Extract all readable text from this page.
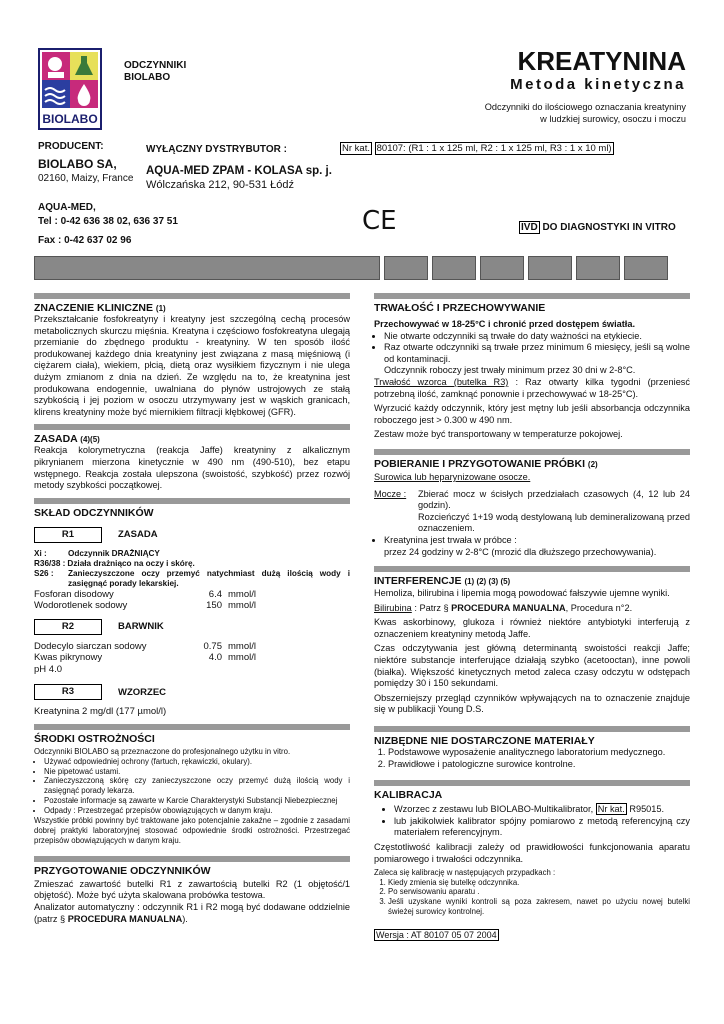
BIOLABO
ODCZYNNIKI
BIOLABO
KREATYNINA
Metoda kinetyczna
Odczynniki do ilościowego oznaczania kreatyniny
w ludzkiej surowicy, osoczu i moczu
PRODUCENT:
BIOLABO SA,
02160, Maizy, France
WYŁĄCZNY DYSTRYBUTOR :
AQUA-MED ZPAM - KOLASA sp. j.
Wólczańska 212, 90-531 Łódź
AQUA-MED,
Tel : 0-42 636 38 02, 636 37 51
Fax : 0-42 637 02 96
Nr kat. 80107: (R1 : 1 x 125 ml, R2 : 1 x 125 ml, R3 : 1 x 10 ml)
CE	IVD DO DIAGNOSTYKI IN VITRO
ZNACZENIE KLINICZNE (1)
Przekształcanie fosfokreatyny i kreatyny jest szczególną cechą procesów metabolicznych skurczu mięśnia. Kreatyna i częściowo fosfokreatyna ulegają przemianie do zbędnego produktu - kreatyniny. W ten sposób ilość produkowanej każdego dnia kreatyniny jest związana z masą mięśniową (i ciężarem ciała), wiekiem, płcią, dietą oraz wysiłkiem fizycznym i nie ulega dużym zmianom z dnia na dzień. Ze względu na to, że kreatynina jest produkowana endogennie, uwalniana do płynów ustrojowych ze stałą szybkością i jej poziom w osoczu utrzymywany jest w wąskich granicach, klirens kreatyniny może być miernikiem filtracji kłębkowej (GFR).
ZASADA (4)(5)
Reakcja kolorymetryczna (reakcja Jaffe) kreatyniny z alkalicznym pikrynianem mierzona kinetycznie w 490 nm (490-510), bez etapu wstępnego. Reakcja została ulepszona (swoistość, szybkość) przez rozwój metody szybkości początkowej.
SKŁAD ODCZYNNIKÓW
R1	ZASADA
Xi :	Odczynnik DRAŻNIĄCY
R36/38 : Działa drażniąco na oczy i skórę.
S26 :	Zanieczyszczone oczy przemyć natychmiast dużą ilością wody i zasięgnąć porady lekarskiej.
Fosforan disodowy	6.4 mmol/l
Wodorotlenek sodowy	150 mmol/l
R2	BARWNIK
Dodecylo siarczan sodowy	0.75 mmol/l
Kwas pikrynowy	4.0 mmol/l
pH 4.0
R3	WZORZEC
Kreatynina 2 mg/dl (177 µmol/l)
ŚRODKI OSTROŻNOŚCI
Odczynniki BIOLABO są przeznaczone do profesjonalnego użytku in vitro.
• Używać odpowiedniej ochrony (fartuch, rękawiczki, okulary).
• Nie pipetować ustami.
• Zanieczyszczoną skórę czy zanieczyszczone oczy przemyć dużą ilością wody i zasięgnąć porady lekarza.
• Pozostałe informacje są zawarte w Karcie Charakterystyki Substancji Niebezpiecznej
• Odpady : Przestrzegać przepisów obowiązujących w danym kraju.
Wszystkie próbki powinny być traktowane jako potencjalnie zakaźne – zgodnie z zasadami dobrej praktyki laboratoryjnej stosować odpowiednie środki ostrożności. Przestrzegać przepisów obowiązujących w danym kraju.
PRZYGOTOWANIE ODCZYNNIKÓW
Zmieszać zawartość butelki R1 z zawartością butelki R2 (1 objętość/1 objętość). Może być użyta skalowana probówka testowa.
Analizator automatyczny : odczynnik R1 i R2 mogą być dodawane oddzielnie (patrz § PROCEDURA MANUALNA).
TRWAŁOŚĆ I PRZECHOWYWANIE
Przechowywać w 18-25°C i chronić przed dostępem światła.
• Nie otwarte odczynniki są trwałe do daty ważności na etykiecie.
• Raz otwarte odczynniki są trwałe przez minimum 6 miesięcy, jeśli są wolne od kontaminacji.
Odczynnik roboczy jest trwały minimum przez 30 dni w 2-8°C.
Trwałość wzorca (butelka R3) : Raz otwarty kilka tygodni (przeniesć potrzebną ilość, zamknąć ponownie i przechowywać w 18-25°C).
Wyrzucić każdy odczynnik, który jest mętny lub jeśli absorbancja odczynnika roboczego jest > 0.300 w 490 nm.
Zestaw może być transportowany w temperaturze pokojowej.
POBIERANIE I PRZYGOTOWANIE PRÓBKI (2)
Surowica lub heparynizowane osocze.
Mocze :	Zbierać mocz w ścisłych przedziałach czasowych (4, 12 lub 24 godzin).
Rozcieńczyć 1+19 wodą destylowaną lub demineralizowaną przed oznaczeniem.
• Kreatynina jest trwała w próbce :
przez 24 godziny w 2-8°C (mrozić dla dłuższego przechowywania).
INTERFERENCJE (1) (2) (3) (5)
Hemoliza, bilirubina i lipemia mogą powodować fałszywie ujemne wyniki.
Bilirubina : Patrz § PROCEDURA MANUALNA, Procedura n°2.
Kwas askorbinowy, glukoza i również niektóre antybiotyki interferują z oznaczeniem kreatyniny metodą Jaffe.
Czas odczytywania jest główną determinantą swoistości reakcji Jaffe; niektóre substancje interferujące działają szybko (acetooctan), inne powoli (białka). Większość kinetycznych metod zaleca czasy odczytu w odstępach pomiędzy 30 i 150 sekundami.
Obszerniejszy przegląd czynników wpływających na to oznaczenie znajduje się w publikacji Young D.S.
NIZBĘDNE NIE DOSTARCZONE MATERIAŁY
1. Podstawowe wyposażenie analitycznego laboratorium medycznego.
2. Prawidłowe i patologiczne surowice kontrolne.
KALIBRACJA
• Wzorzec z zestawu lub BIOLABO-Multikalibrator, Nr kat. R95015.
• lub jakikolwiek kalibrator spójny pomiarowo z metodą referencyjną czy materiałem referencyjnym.
Częstotliwość kalibracji zależy od prawidłowości funkcjonowania aparatu pomiarowego i trwałości odczynnika.
Zaleca się kalibrację w następujących przypadkach :
1. Kiedy zmienia się butelkę odczynnika.
2. Po serwisowaniu aparatu .
3. Jeśli uzyskane wyniki kontroli są poza zakresem, nawet po użyciu nowej butelki świeżej surowicy kontrolnej.
Wersja : AT 80107 05 07 2004
